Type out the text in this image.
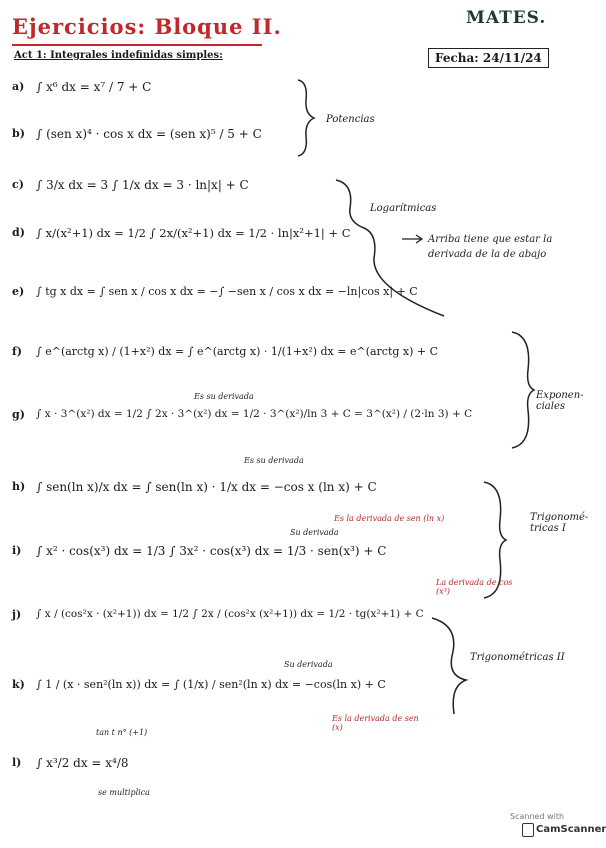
Ejercicios: Bloque II.	MATES.
Fecha: 24/11/24
Act 1: Integrales indefinidas simples:
a) ∫ x⁶ dx = x⁷ / 7 + C
b) ∫ (sen x)⁴ · cos x dx = (sen x)⁵ / 5 + C
Potencias
c) ∫ 3/x dx = 3 ∫ 1/x dx = 3 · ln|x| + C
d) ∫ x/(x²+1) dx = 1/2 ∫ 2x/(x²+1) dx = 1/2 · ln|x²+1| + C
Logarítmicas
Arriba tiene que estar la derivada de la de abajo
e) ∫ tg x dx = ∫ sen x / cos x dx = −∫ −sen x / cos x dx = −ln|cos x| + C
f) ∫ e^(arctg x) / (1+x²) dx = ∫ e^(arctg x) · 1/(1+x²) dx = e^(arctg x) + C
Exponen-ciales
Es su derivada
g) ∫ x · 3^(x²) dx = 1/2 ∫ 2x · 3^(x²) dx = 1/2 · 3^(x²)/ln 3 + C = 3^(x²) / (2·ln 3) + C
Es su derivada
h) ∫ sen(ln x)/x dx = ∫ sen(ln x) · 1/x dx = −cos x (ln x) + C
Es la derivada de sen (ln x)	Trigonomé-tricas I
Su derivada
i) ∫ x² · cos(x³) dx = 1/3 ∫ 3x² · cos(x³) dx = 1/3 · sen(x³) + C
La derivada de cos (x³)
j) ∫ x / (cos²x · (x²+1)) dx = 1/2 ∫ 2x / (cos²x (x²+1)) dx = 1/2 · tg(x²+1) + C
Trigonométricas II
Su derivada
k) ∫ 1 / (x · sen²(ln x)) dx = ∫ (1/x) / sen²(ln x) dx = −cos(ln x) + C
Es la derivada de sen (x)
tan t n° (+1)
l) ∫ x³/2 dx = x⁴/8
se multiplica
Scanned with
CamScanner
